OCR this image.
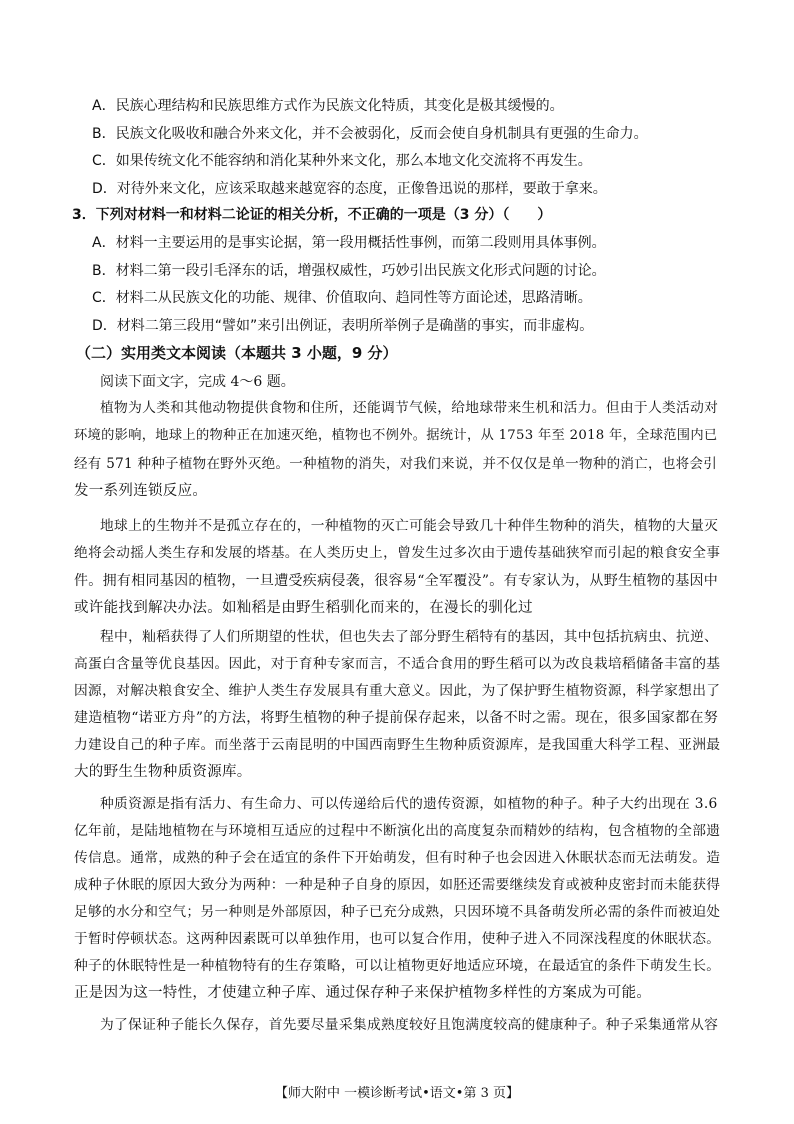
A．民族心理结构和民族思维方式作为民族文化特质，其变化是极其缓慢的。
B．民族文化吸收和融合外来文化，并不会被弱化，反而会使自身机制具有更强的生命力。
C．如果传统文化不能容纳和消化某种外来文化，那么本地文化交流将不再发生。
D．对待外来文化，应该采取越来越宽容的态度，正像鲁迅说的那样，要敢于拿来。
3．下列对材料一和材料二论证的相关分析，不正确的一项是（3 分）（　　）
A．材料一主要运用的是事实论据，第一段用概括性事例，而第二段则用具体事例。
B．材料二第一段引毛泽东的话，增强权威性，巧妙引出民族文化形式问题的讨论。
C．材料二从民族文化的功能、规律、价值取向、趋同性等方面论述，思路清晰。
D．材料二第三段用“譬如”来引出例证，表明所举例子是确凿的事实，而非虚构。
（二）实用类文本阅读（本题共 3 小题，9 分）
阅读下面文字，完成 4～6 题。
植物为人类和其他动物提供食物和住所，还能调节气候，给地球带来生机和活力。但由于人类活动对
环境的影响，地球上的物种正在加速灭绝，植物也不例外。据统计，从 1753 年至 2018 年，全球范围内已
经有 571 种种子植物在野外灭绝。一种植物的消失，对我们来说，并不仅仅是单一物种的消亡，也将会引
发一系列连锁反应。
地球上的生物并不是孤立存在的，一种植物的灭亡可能会导致几十种伴生物种的消失，植物的大量灭
绝将会动摇人类生存和发展的塔基。在人类历史上，曾发生过多次由于遗传基础狭窄而引起的粮食安全事
件。拥有相同基因的植物，一旦遭受疾病侵袭，很容易“全军覆没”。有专家认为，从野生植物的基因中
或许能找到解决办法。如籼稻是由野生稻驯化而来的，在漫长的驯化过
程中，籼稻获得了人们所期望的性状，但也失去了部分野生稻特有的基因，其中包括抗病虫、抗逆、
高蛋白含量等优良基因。因此，对于育种专家而言，不适合食用的野生稻可以为改良栽培稻储备丰富的基
因源，对解决粮食安全、维护人类生存发展具有重大意义。因此，为了保护野生植物资源，科学家想出了
建造植物“诺亚方舟”的方法，将野生植物的种子提前保存起来，以备不时之需。现在，很多国家都在努
力建设自己的种子库。而坐落于云南昆明的中国西南野生生物种质资源库，是我国重大科学工程、亚洲最
大的野生生物种质资源库。
种质资源是指有活力、有生命力、可以传递给后代的遗传资源，如植物的种子。种子大约出现在 3.6
亿年前，是陆地植物在与环境相互适应的过程中不断演化出的高度复杂而精妙的结构，包含植物的全部遗
传信息。通常，成熟的种子会在适宜的条件下开始萌发，但有时种子也会因进入休眠状态而无法萌发。造
成种子休眠的原因大致分为两种：一种是种子自身的原因，如胚还需要继续发育或被种皮密封而未能获得
足够的水分和空气；另一种则是外部原因，种子已充分成熟，只因环境不具备萌发所必需的条件而被迫处
于暂时停顿状态。这两种因素既可以单独作用，也可以复合作用，使种子进入不同深浅程度的休眠状态。
种子的休眠特性是一种植物特有的生存策略，可以让植物更好地适应环境，在最适宜的条件下萌发生长。
正是因为这一特性，才使建立种子库、通过保存种子来保护植物多样性的方案成为可能。
为了保证种子能长久保存，首先要尽量采集成熟度较好且饱满度较高的健康种子。种子采集通常从容
【师大附中 一模诊断考试•语文•第 3 页】
